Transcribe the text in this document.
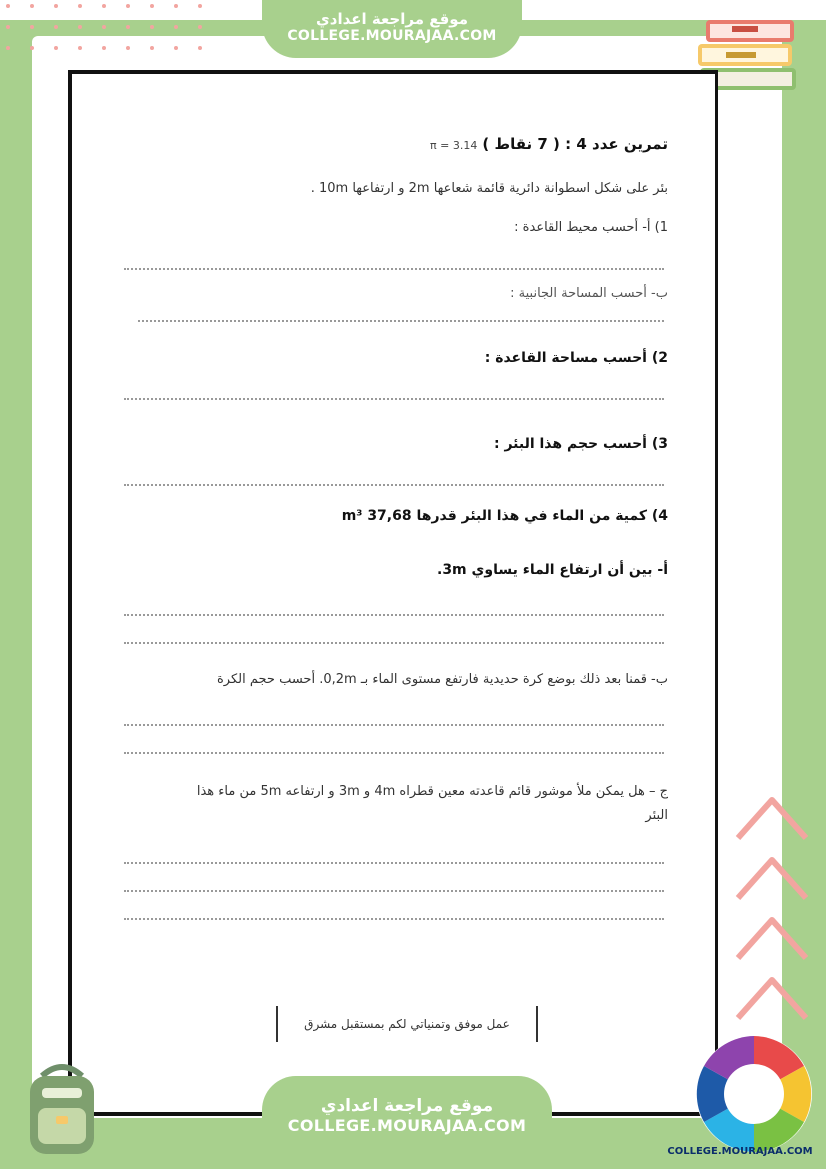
موقع مراجعة اعدادي
COLLEGE.MOURAJAA.COM
تمرين عدد 4 : ( 7 نقاط )
π = 3.14
بئر على شكل اسطوانة دائرية قائمة شعاعها 2m و ارتفاعها 10m .
1) أ- أحسب محيط القاعدة :
ب- أحسب المساحة الجانبية :
2) أحسب مساحة القاعدة :
3) أحسب حجم هذا البئر :
4) كمية من الماء في هذا البئر قدرها 37,68 m³
أ- بين أن ارتفاع الماء يساوي 3m.
ب- قمنا بعد ذلك بوضع كرة حديدية فارتفع مستوى الماء بـ 0,2m. أحسب حجم الكرة
ج – هل يمكن ملأ موشور قائم قاعدته معين قطراه 4m و 3m و ارتفاعه 5m من ماء هذا
البئر
عمل موفق وتمنياتي لكم بمستقبل مشرق
موقع مراجعة اعدادي
COLLEGE.MOURAJAA.COM
COLLEGE.MOURAJAA.COM
